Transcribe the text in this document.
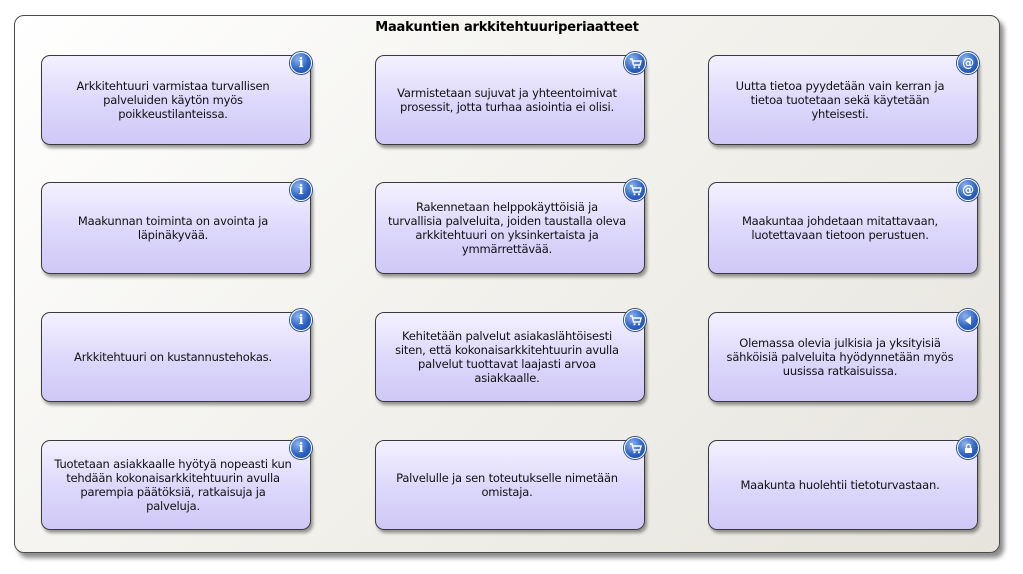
Maakuntien arkkitehtuuriperiaatteet
Arkkitehtuuri varmistaa turvallisen palveluiden käytön myös poikkeustilanteissa.
i
Varmistetaan sujuvat ja yhteentoimivat prosessit, jotta turhaa asiointia ei olisi.
Uutta tietoa pyydetään vain kerran ja tietoa tuotetaan sekä käytetään yhteisesti.
@
Maakunnan toiminta on avointa ja läpinäkyvää.
i
Rakennetaan helppokäyttöisiä ja turvallisia palveluita, joiden taustalla oleva arkkitehtuuri on yksinkertaista ja ymmärrettävää.
Maakuntaa johdetaan mitattavaan, luotettavaan tietoon perustuen.
@
Arkkitehtuuri on kustannustehokas.
i
Kehitetään palvelut asiakaslähtöisesti siten, että kokonaisarkkitehtuurin avulla palvelut tuottavat laajasti arvoa asiakkaalle.
Olemassa olevia julkisia ja yksityisiä sähköisiä palveluita hyödynnetään myös uusissa ratkaisuissa.
Tuotetaan asiakkaalle hyötyä nopeasti kun tehdään kokonaisarkkitehtuurin avulla parempia päätöksiä, ratkaisuja ja palveluja.
i
Palvelulle ja sen toteutukselle nimetään omistaja.	Maakunta huolehtii tietoturvastaan.
